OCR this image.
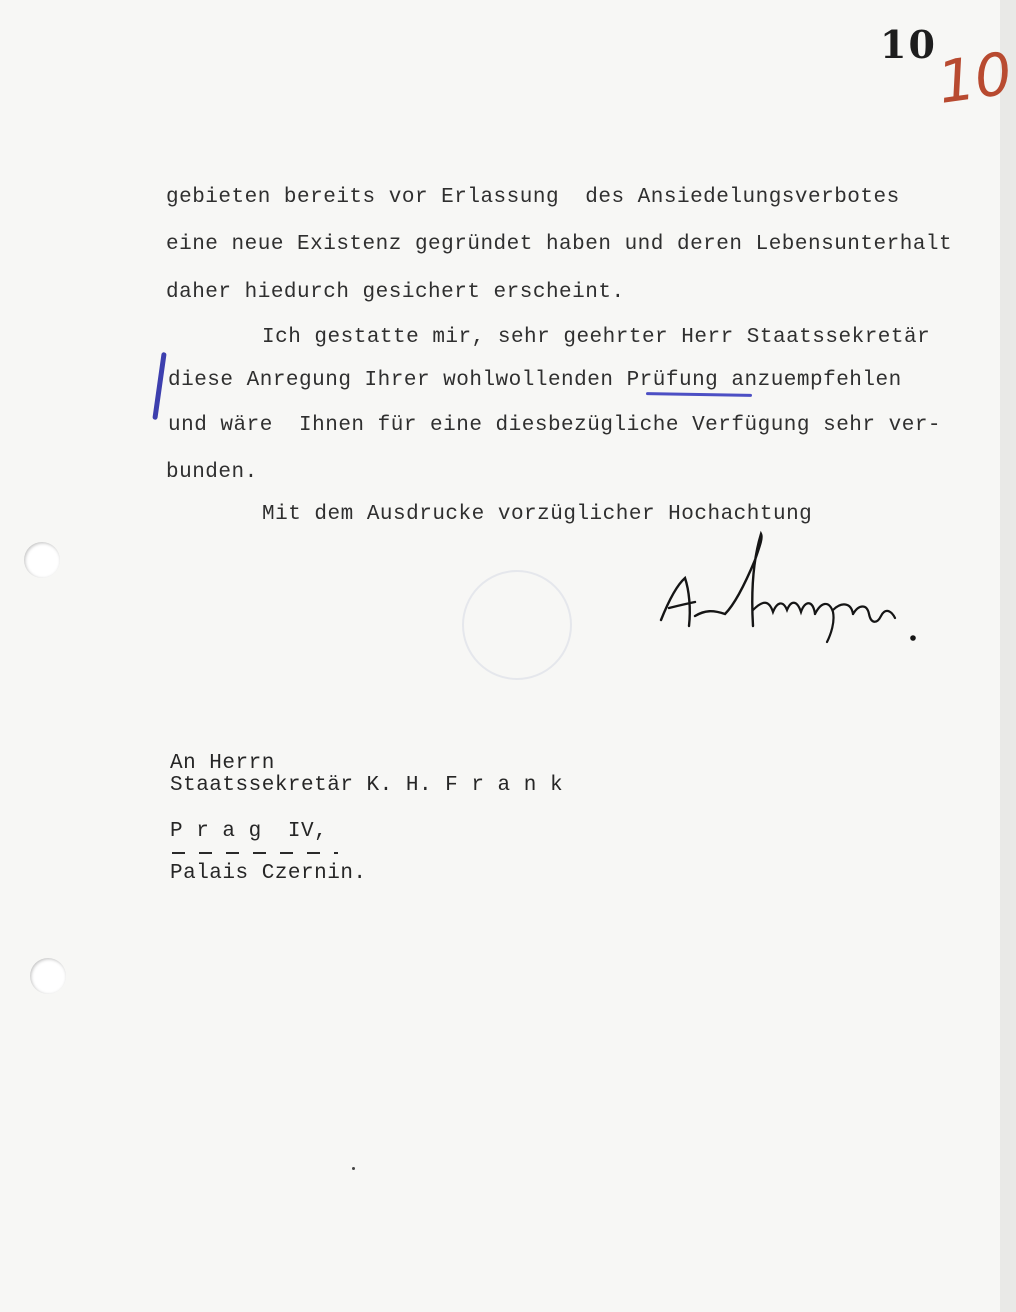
10
10
gebieten bereits vor Erlassung  des Ansiedelungsverbotes
eine neue Existenz gegründet haben und deren Lebensunterhalt
daher hiedurch gesichert erscheint.
Ich gestatte mir, sehr geehrter Herr Staatssekretär
diese Anregung Ihrer wohlwollenden Prüfung anzuempfehlen
und wäre  Ihnen für eine diesbezügliche Verfügung sehr ver-
bunden.
Mit dem Ausdrucke vorzüglicher Hochachtung
An Herrn
Staatssekretär K. H. F r a n k
P r a g  IV,
Palais Czernin.
